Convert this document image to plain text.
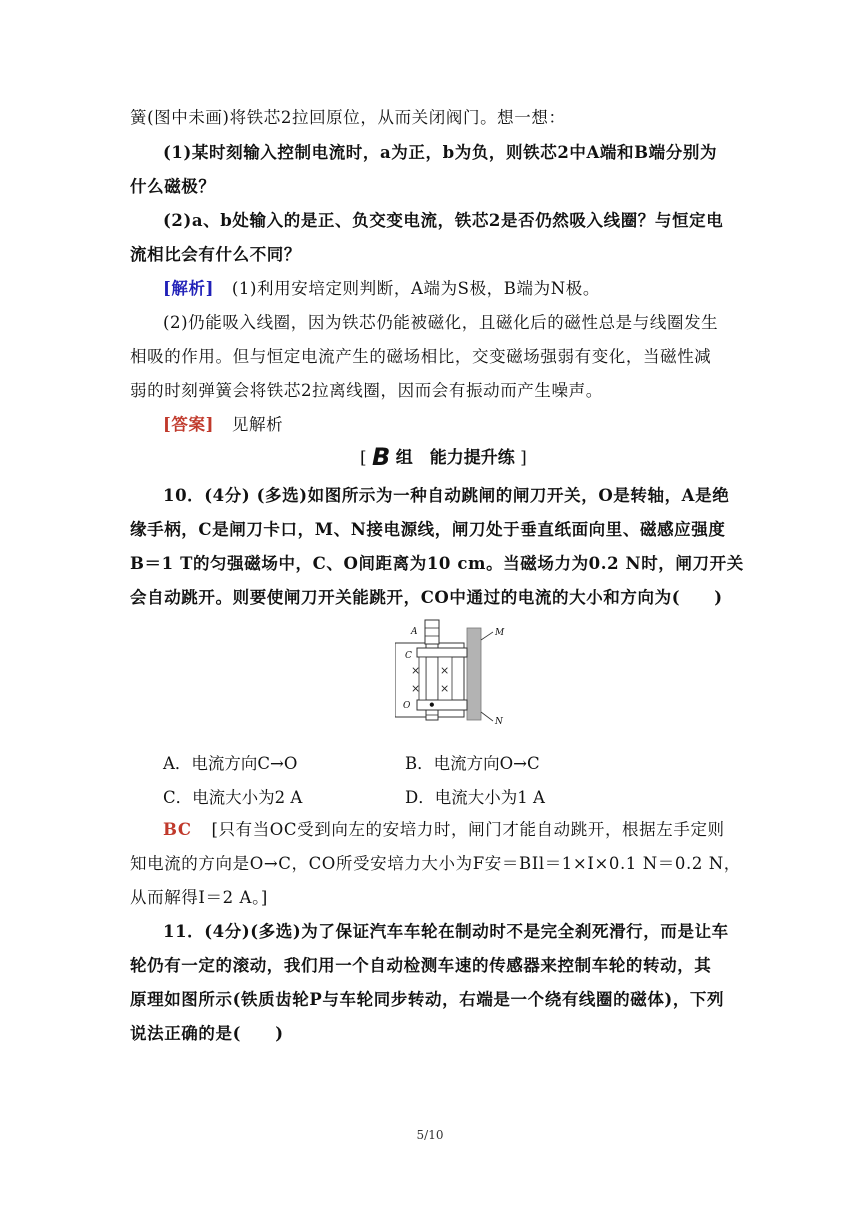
簧(图中未画)将铁芯2拉回原位，从而关闭阀门。想一想：
(1)某时刻输入控制电流时，a为正，b为负，则铁芯2中A端和B端分别为
什么磁极？
(2)a、b处输入的是正、负交变电流，铁芯2是否仍然吸入线圈？与恒定电
流相比会有什么不同？
[解析] (1)利用安培定则判断，A端为S极，B端为N极。
(2)仍能吸入线圈，因为铁芯仍能被磁化，且磁化后的磁性总是与线圈发生
相吸的作用。但与恒定电流产生的磁场相比，交变磁场强弱有变化，当磁性减
弱的时刻弹簧会将铁芯2拉离线圈，因而会有振动而产生噪声。
[答案] 见解析
[ B 组　能力提升练 ]
10．(4分) (多选)如图所示为一种自动跳闸的闸刀开关，O是转轴，A是绝
缘手柄，C是闸刀卡口，M、N接电源线，闸刀处于垂直纸面向里、磁感应强度
B＝1 T的匀强磁场中，C、O间距离为10 cm。当磁场力为0.2 N时，闸刀开关
会自动跳开。则要使闸刀开关能跳开，CO中通过的电流的大小和方向为(　　)
× ×
× ×
•
A
C
O
M
N
A．电流方向C→O	B．电流方向O→C
C．电流大小为2 A	D．电流大小为1 A
BC [只有当OC受到向左的安培力时，闸门才能自动跳开，根据左手定则
知电流的方向是O→C，CO所受安培力大小为F安＝BIl＝1×I×0.1 N＝0.2 N，
从而解得I＝2 A。]
11．(4分)(多选)为了保证汽车车轮在制动时不是完全刹死滑行，而是让车
轮仍有一定的滚动，我们用一个自动检测车速的传感器来控制车轮的转动，其
原理如图所示(铁质齿轮P与车轮同步转动，右端是一个绕有线圈的磁体)，下列
说法正确的是(　　)
5/10
